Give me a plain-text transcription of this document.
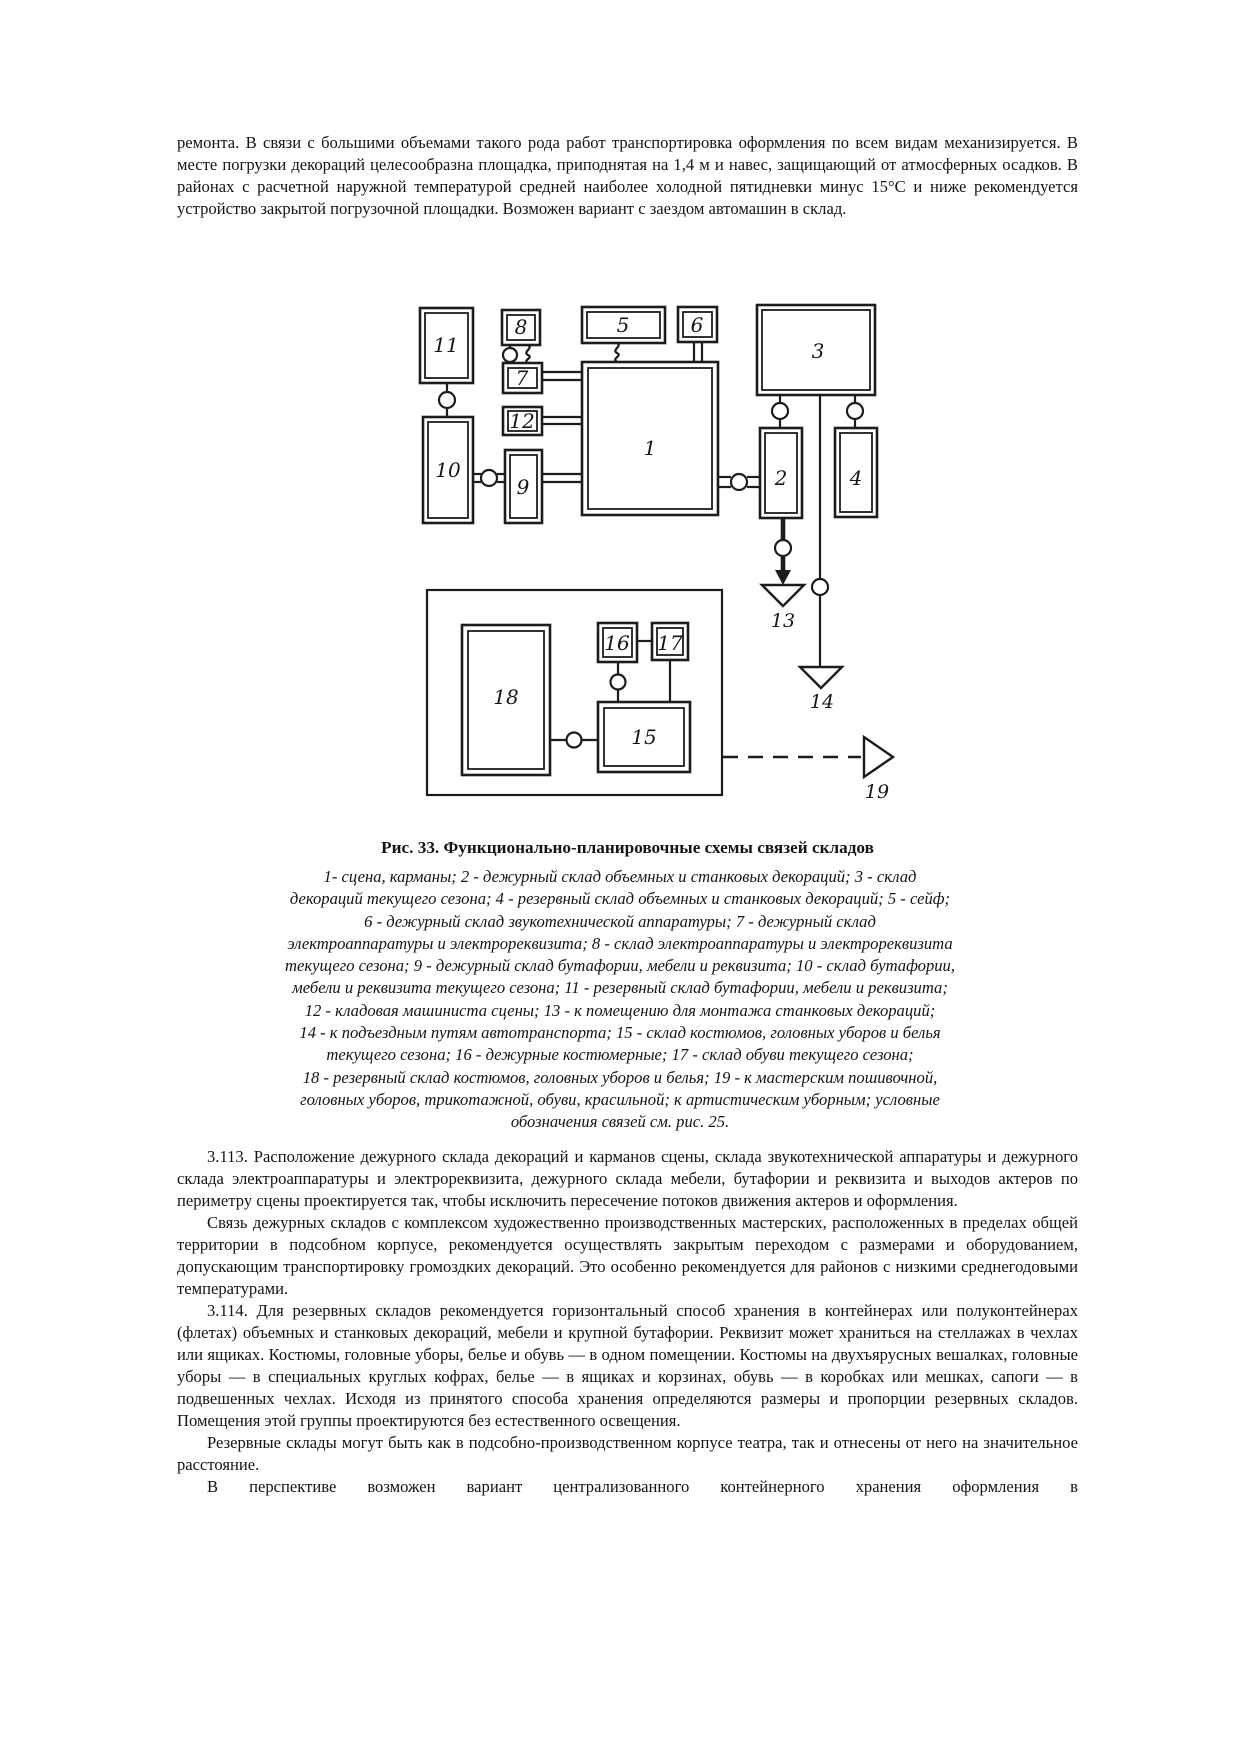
ремонта. В связи с большими объемами такого рода работ транспортировка оформления по всем видам механизируется. В месте погрузки декораций целесообразна площадка, приподнятая на 1,4 м и навес, защищающий от атмосферных осадков. В районах с расчетной наружной температурой средней наиболее холодной пятидневки минус 15°С и ниже рекомендуется устройство закрытой погрузочной площадки. Возможен вариант с заездом автомашин в склад.

1
2
3
4
5	6
7
8
9
10
11
12
13
14
15
16 17
18
19
Рис. 33. Функционально-планировочные схемы связей складов
1- сцена, карманы; 2 - дежурный склад объемных и станковых декораций; 3 - склад
декораций текущего сезона; 4 - резервный склад объемных и станковых декораций; 5 - сейф;
6 - дежурный склад звукотехнической аппаратуры; 7 - дежурный склад
электроаппаратуры и электрореквизита; 8 - склад электроаппаратуры и электрореквизита
текущего сезона; 9 - дежурный склад бутафории, мебели и реквизита; 10 - склад бутафории,
мебели и реквизита текущего сезона; 11 - резервный склад бутафории, мебели и реквизита;
12 - кладовая машиниста сцены; 13 - к помещению для монтажа станковых декораций;
14 - к подъездным путям автотранспорта; 15 - склад костюмов, головных уборов и белья
текущего сезона; 16 - дежурные костюмерные; 17 - склад обуви текущего сезона;
18 - резервный склад костюмов, головных уборов и белья; 19 - к мастерским пошивочной,
головных уборов, трикотажной, обуви, красильной; к артистическим уборным; условные
обозначения связей см. рис. 25.

3.113. Расположение дежурного склада декораций и карманов сцены, склада звукотехнической аппаратуры и дежурного склада электроаппаратуры и электрореквизита, дежурного склада мебели, бутафории и реквизита и выходов актеров по периметру сцены проектируется так, чтобы исключить пересечение потоков движения актеров и оформления.

Связь дежурных складов с комплексом художественно производственных мастерских, расположенных в пределах общей территории в подсобном корпусе, рекомендуется осуществлять закрытым переходом с размерами и оборудованием, допускающим транспортировку громоздких декораций. Это особенно рекомендуется для районов с низкими среднегодовыми температурами.

3.114. Для резервных складов рекомендуется горизонтальный способ хранения в контейнерах или полуконтейнерах (флетах) объемных и станковых декораций, мебели и крупной бутафории. Реквизит может храниться на стеллажах в чехлах или ящиках. Костюмы, головные уборы, белье и обувь — в одном помещении. Костюмы на двухъярусных вешалках, головные уборы — в специальных круглых кофрах, белье — в ящиках и корзинах, обувь — в коробках или мешках, сапоги — в подвешенных чехлах. Исходя из принятого способа хранения определяются размеры и пропорции резервных складов. Помещения этой группы проектируются без естественного освещения.

Резервные склады могут быть как в подсобно-производственном корпусе театра, так и отнесены от него на значительное расстояние.

В перспективе возможен вариант централизованного контейнерного хранения оформления в
